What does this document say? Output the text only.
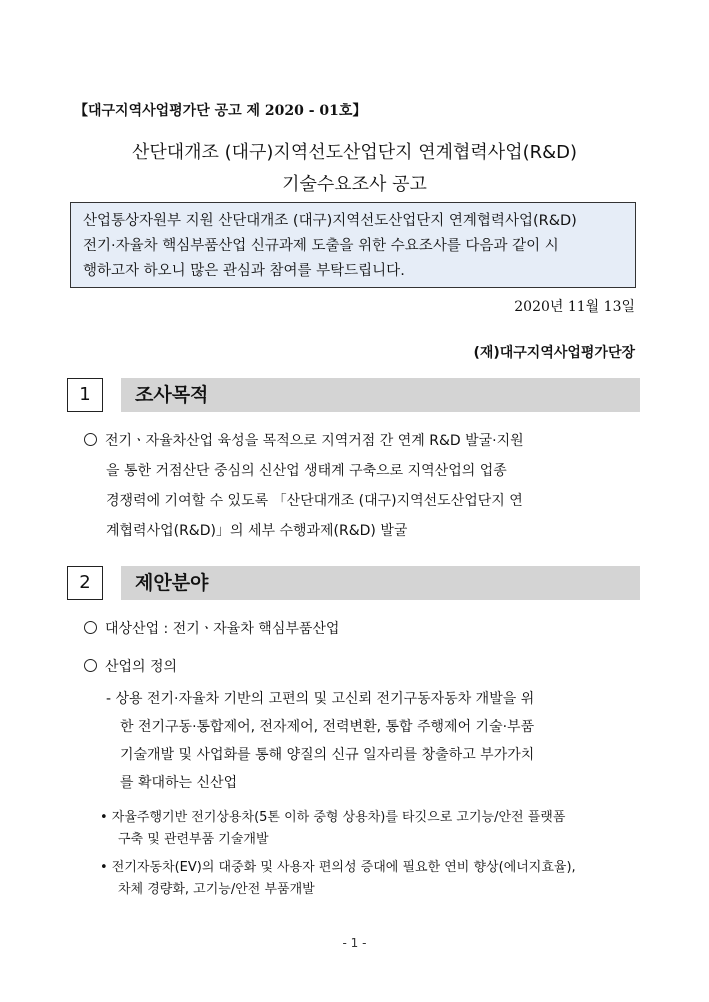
【대구지역사업평가단 공고 제 2020 - 01호】
산단대개조 (대구)지역선도산업단지 연계협력사업(R&D)
기술수요조사 공고
산업통상자원부 지원 산단대개조 (대구)지역선도산업단지 연계협력사업(R&D)
전기·자율차 핵심부품산업 신규과제 도출을 위한 수요조사를 다음과 같이 시
행하고자 하오니 많은 관심과 참여를 부탁드립니다.
2020년 11월 13일
(재)대구지역사업평가단장
1	조사목적
전기ㆍ자율차산업 육성을 목적으로 지역거점 간 연계 R&D 발굴·지원
을 통한 거점산단 중심의 신산업 생태계 구축으로 지역산업의 업종
경쟁력에 기여할 수 있도록 「산단대개조 (대구)지역선도산업단지 연
계협력사업(R&D)」의 세부 수행과제(R&D) 발굴
2	제안분야
대상산업 : 전기ㆍ자율차 핵심부품산업
산업의 정의
- 상용 전기·자율차 기반의 고편의 및 고신뢰 전기구동자동차 개발을 위
한 전기구동·통합제어, 전자제어, 전력변환, 통합 주행제어 기술·부품
기술개발 및 사업화를 통해 양질의 신규 일자리를 창출하고 부가가치
를 확대하는 신산업
• 자율주행기반 전기상용차(5톤 이하 중형 상용차)를 타깃으로 고기능/안전 플랫폼
구축 및 관련부품 기술개발
• 전기자동차(EV)의 대중화 및 사용자 편의성 증대에 필요한 연비 향상(에너지효율),
차체 경량화, 고기능/안전 부품개발
- 1 -
